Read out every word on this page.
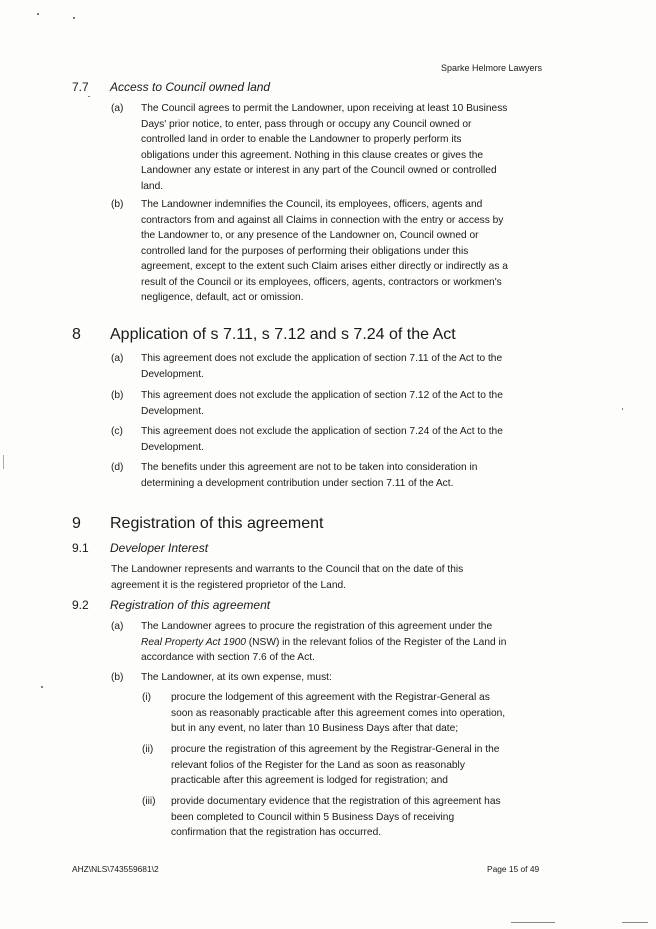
Sparke Helmore Lawyers
7.7 Access to Council owned land
(a) The Council agrees to permit the Landowner, upon receiving at least 10 Business
Days' prior notice, to enter, pass through or occupy any Council owned or
controlled land in order to enable the Landowner to properly perform its
obligations under this agreement. Nothing in this clause creates or gives the
Landowner any estate or interest in any part of the Council owned or controlled
land.
(b) The Landowner indemnifies the Council, its employees, officers, agents and
contractors from and against all Claims in connection with the entry or access by
the Landowner to, or any presence of the Landowner on, Council owned or
controlled land for the purposes of performing their obligations under this
agreement, except to the extent such Claim arises either directly or indirectly as a
result of the Council or its employees, officers, agents, contractors or workmen's
negligence, default, act or omission.
8 Application of s 7.11, s 7.12 and s 7.24 of the Act
(a) This agreement does not exclude the application of section 7.11 of the Act to the
Development.
(b) This agreement does not exclude the application of section 7.12 of the Act to the
Development.
(c) This agreement does not exclude the application of section 7.24 of the Act to the
Development.
(d) The benefits under this agreement are not to be taken into consideration in
determining a development contribution under section 7.11 of the Act.
9 Registration of this agreement
9.1 Developer Interest
The Landowner represents and warrants to the Council that on the date of this
agreement it is the registered proprietor of the Land.
9.2 Registration of this agreement
(a) The Landowner agrees to procure the registration of this agreement under the
Real Property Act 1900 (NSW) in the relevant folios of the Register of the Land in
accordance with section 7.6 of the Act.
(b) The Landowner, at its own expense, must:
(i) procure the lodgement of this agreement with the Registrar-General as
soon as reasonably practicable after this agreement comes into operation,
but in any event, no later than 10 Business Days after that date;
(ii) procure the registration of this agreement by the Registrar-General in the
relevant folios of the Register for the Land as soon as reasonably
practicable after this agreement is lodged for registration; and
(iii) provide documentary evidence that the registration of this agreement has
been completed to Council within 5 Business Days of receiving
confirmation that the registration has occurred.
AHZ\NLS\743559681\2	Page 15 of 49
